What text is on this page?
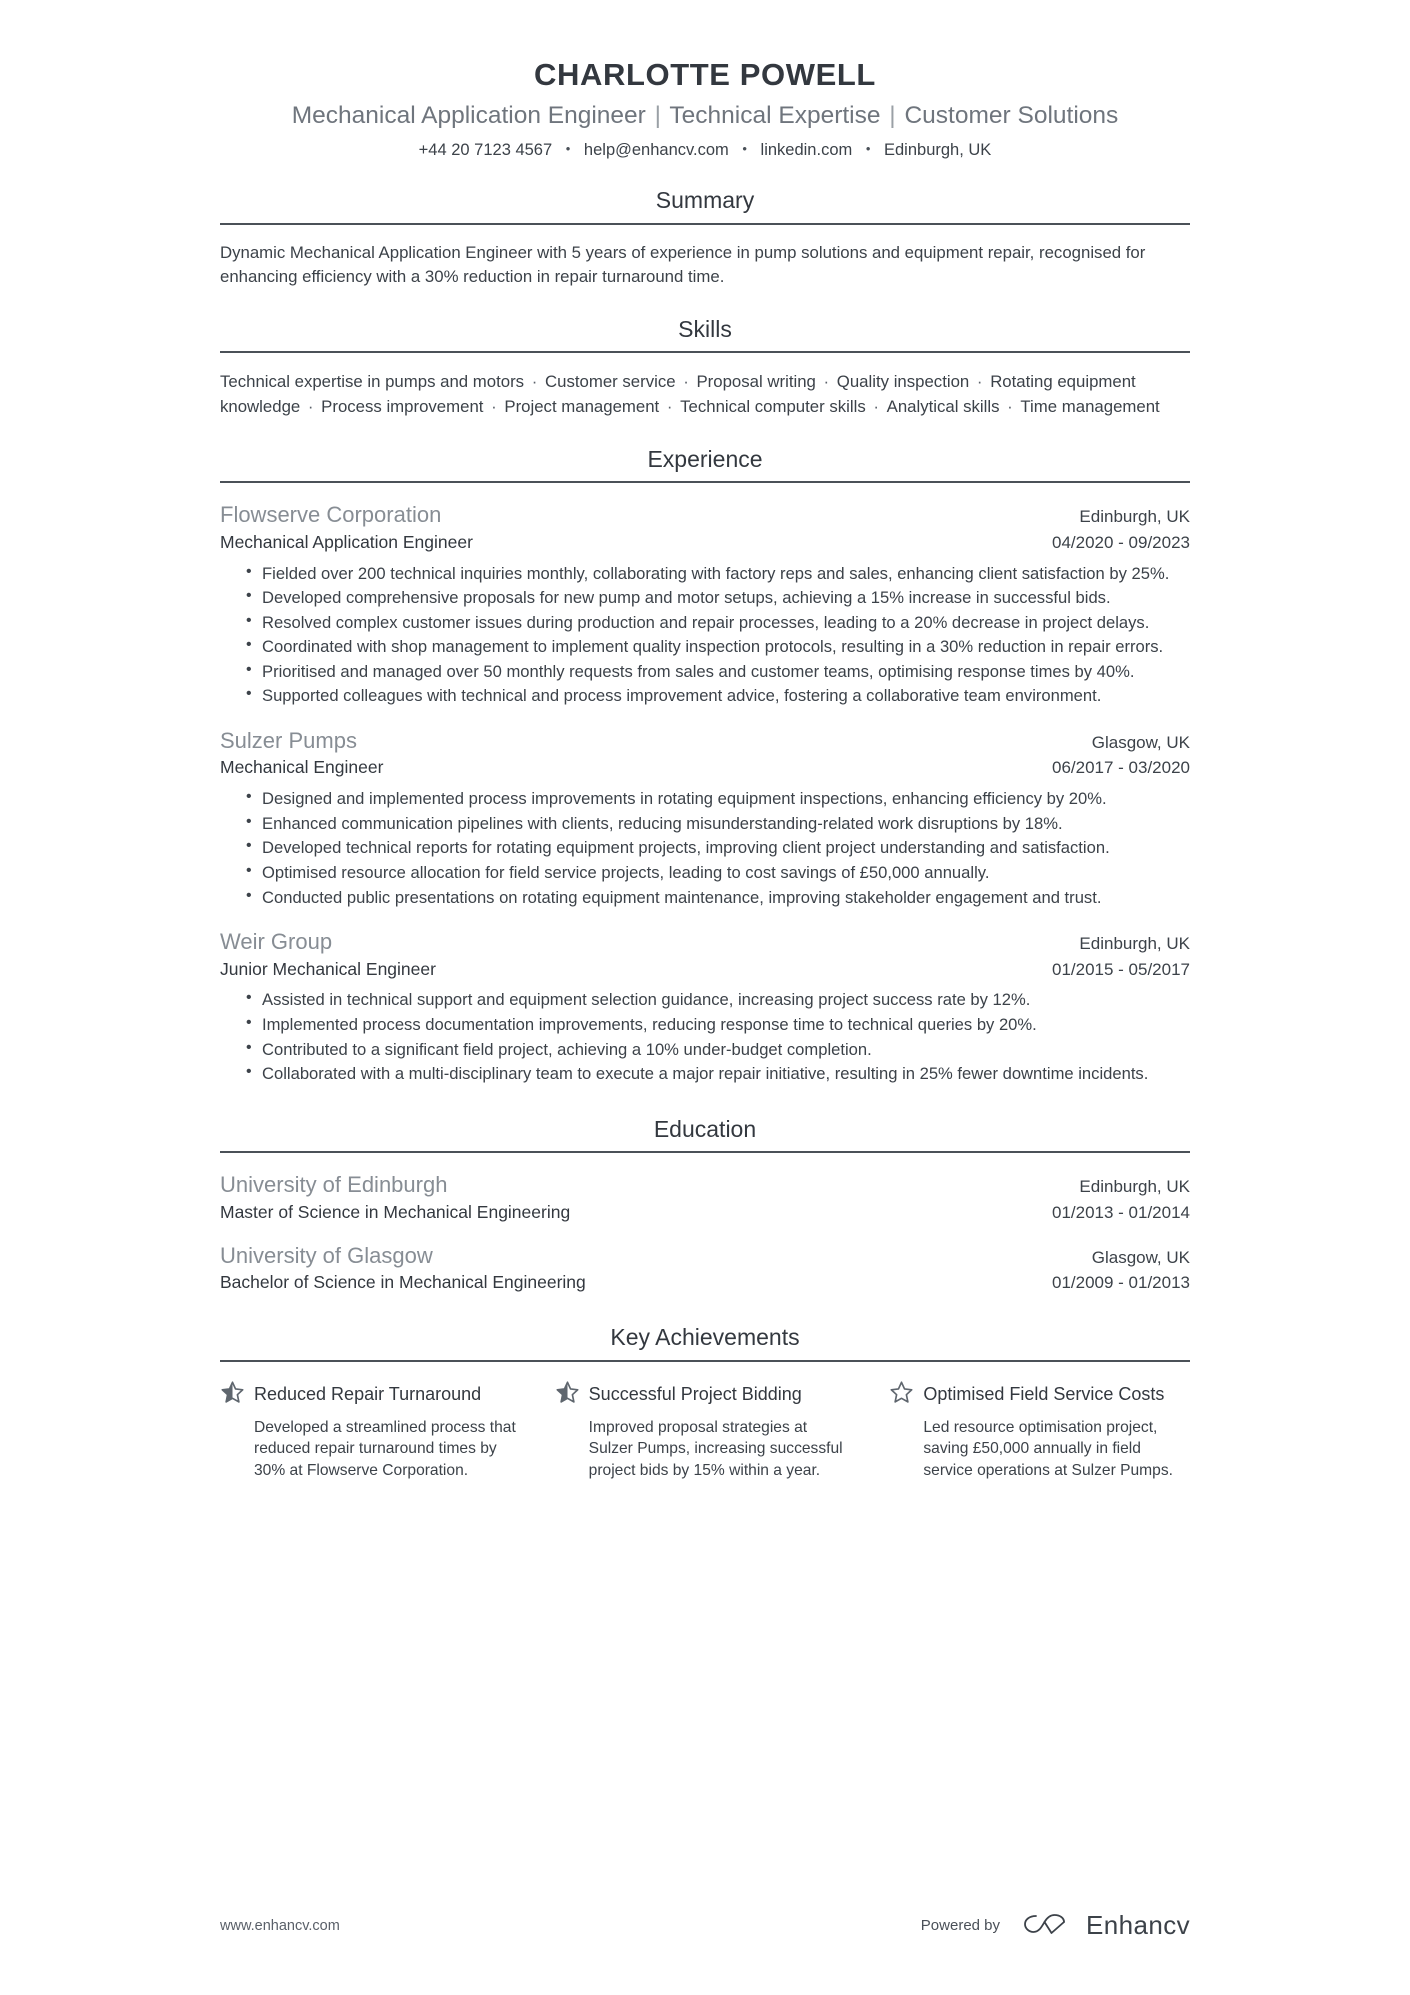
CHARLOTTE POWELL
Mechanical Application Engineer | Technical Expertise | Customer Solutions
+44 20 7123 4567 • help@enhancv.com • linkedin.com • Edinburgh, UK
Summary
Dynamic Mechanical Application Engineer with 5 years of experience in pump solutions and equipment repair, recognised for enhancing efficiency with a 30% reduction in repair turnaround time.
Skills
Technical expertise in pumps and motors · Customer service · Proposal writing · Quality inspection · Rotating equipment knowledge · Process improvement · Project management · Technical computer skills · Analytical skills · Time management
Experience
Flowserve Corporation	Edinburgh, UK
Mechanical Application Engineer	04/2020 - 09/2023
• Fielded over 200 technical inquiries monthly, collaborating with factory reps and sales, enhancing client satisfaction by 25%.
• Developed comprehensive proposals for new pump and motor setups, achieving a 15% increase in successful bids.
• Resolved complex customer issues during production and repair processes, leading to a 20% decrease in project delays.
• Coordinated with shop management to implement quality inspection protocols, resulting in a 30% reduction in repair errors.
• Prioritised and managed over 50 monthly requests from sales and customer teams, optimising response times by 40%.
• Supported colleagues with technical and process improvement advice, fostering a collaborative team environment.
Sulzer Pumps	Glasgow, UK
Mechanical Engineer	06/2017 - 03/2020
• Designed and implemented process improvements in rotating equipment inspections, enhancing efficiency by 20%.
• Enhanced communication pipelines with clients, reducing misunderstanding-related work disruptions by 18%.
• Developed technical reports for rotating equipment projects, improving client project understanding and satisfaction.
• Optimised resource allocation for field service projects, leading to cost savings of £50,000 annually.
• Conducted public presentations on rotating equipment maintenance, improving stakeholder engagement and trust.
Weir Group	Edinburgh, UK
Junior Mechanical Engineer	01/2015 - 05/2017
• Assisted in technical support and equipment selection guidance, increasing project success rate by 12%.
• Implemented process documentation improvements, reducing response time to technical queries by 20%.
• Contributed to a significant field project, achieving a 10% under-budget completion.
• Collaborated with a multi-disciplinary team to execute a major repair initiative, resulting in 25% fewer downtime incidents.
Education
University of Edinburgh	Edinburgh, UK
Master of Science in Mechanical Engineering	01/2013 - 01/2014
University of Glasgow	Glasgow, UK
Bachelor of Science in Mechanical Engineering	01/2009 - 01/2013
Key Achievements
Reduced Repair Turnaround
Developed a streamlined process that reduced repair turnaround times by 30% at Flowserve Corporation.
Successful Project Bidding
Improved proposal strategies at Sulzer Pumps, increasing successful project bids by 15% within a year.
Optimised Field Service Costs
Led resource optimisation project, saving £50,000 annually in field service operations at Sulzer Pumps.
www.enhancv.com	Powered by	Enhancv
